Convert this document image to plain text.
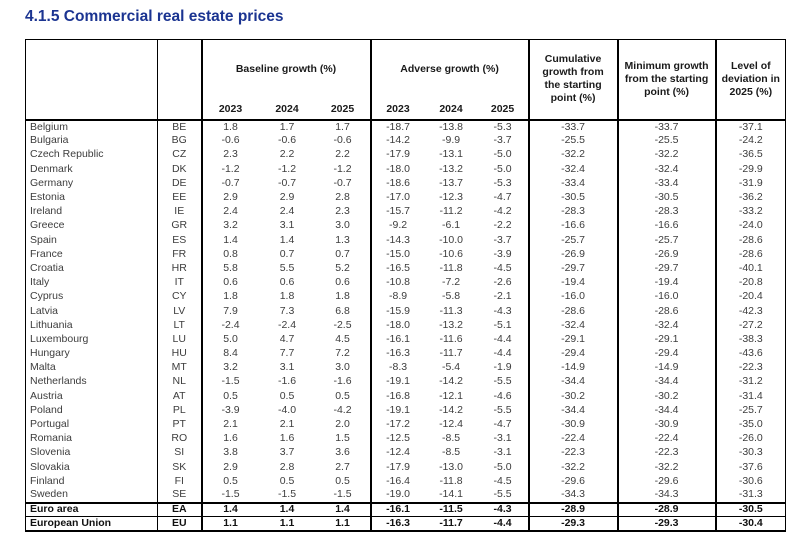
4.1.5 Commercial real estate prices
		Baseline growth (%)			Adverse growth (%)			Cumulative growth from the starting point (%)	Minimum growth from the starting point (%)	Level of deviation in 2025 (%)
		2023	2024	2025	2023	2024	2025			
Belgium	BE	1.8	1.7	1.7	-18.7	-13.8	-5.3	-33.7	-33.7	-37.1
Bulgaria	BG	-0.6	-0.6	-0.6	-14.2	-9.9	-3.7	-25.5	-25.5	-24.2
Czech Republic	CZ	2.3	2.2	2.2	-17.9	-13.1	-5.0	-32.2	-32.2	-36.5
Denmark	DK	-1.2	-1.2	-1.2	-18.0	-13.2	-5.0	-32.4	-32.4	-29.9
Germany	DE	-0.7	-0.7	-0.7	-18.6	-13.7	-5.3	-33.4	-33.4	-31.9
Estonia	EE	2.9	2.9	2.8	-17.0	-12.3	-4.7	-30.5	-30.5	-36.2
Ireland	IE	2.4	2.4	2.3	-15.7	-11.2	-4.2	-28.3	-28.3	-33.2
Greece	GR	3.2	3.1	3.0	-9.2	-6.1	-2.2	-16.6	-16.6	-24.0
Spain	ES	1.4	1.4	1.3	-14.3	-10.0	-3.7	-25.7	-25.7	-28.6
France	FR	0.8	0.7	0.7	-15.0	-10.6	-3.9	-26.9	-26.9	-28.6
Croatia	HR	5.8	5.5	5.2	-16.5	-11.8	-4.5	-29.7	-29.7	-40.1
Italy	IT	0.6	0.6	0.6	-10.8	-7.2	-2.6	-19.4	-19.4	-20.8
Cyprus	CY	1.8	1.8	1.8	-8.9	-5.8	-2.1	-16.0	-16.0	-20.4
Latvia	LV	7.9	7.3	6.8	-15.9	-11.3	-4.3	-28.6	-28.6	-42.3
Lithuania	LT	-2.4	-2.4	-2.5	-18.0	-13.2	-5.1	-32.4	-32.4	-27.2
Luxembourg	LU	5.0	4.7	4.5	-16.1	-11.6	-4.4	-29.1	-29.1	-38.3
Hungary	HU	8.4	7.7	7.2	-16.3	-11.7	-4.4	-29.4	-29.4	-43.6
Malta	MT	3.2	3.1	3.0	-8.3	-5.4	-1.9	-14.9	-14.9	-22.3
Netherlands	NL	-1.5	-1.6	-1.6	-19.1	-14.2	-5.5	-34.4	-34.4	-31.2
Austria	AT	0.5	0.5	0.5	-16.8	-12.1	-4.6	-30.2	-30.2	-31.4
Poland	PL	-3.9	-4.0	-4.2	-19.1	-14.2	-5.5	-34.4	-34.4	-25.7
Portugal	PT	2.1	2.1	2.0	-17.2	-12.4	-4.7	-30.9	-30.9	-35.0
Romania	RO	1.6	1.6	1.5	-12.5	-8.5	-3.1	-22.4	-22.4	-26.0
Slovenia	SI	3.8	3.7	3.6	-12.4	-8.5	-3.1	-22.3	-22.3	-30.3
Slovakia	SK	2.9	2.8	2.7	-17.9	-13.0	-5.0	-32.2	-32.2	-37.6
Finland	FI	0.5	0.5	0.5	-16.4	-11.8	-4.5	-29.6	-29.6	-30.6
Sweden	SE	-1.5	-1.5	-1.5	-19.0	-14.1	-5.5	-34.3	-34.3	-31.3
Euro area	EA	1.4	1.4	1.4	-16.1	-11.5	-4.3	-28.9	-28.9	-30.5
European Union	EU	1.1	1.1	1.1	-16.3	-11.7	-4.4	-29.3	-29.3	-30.4
